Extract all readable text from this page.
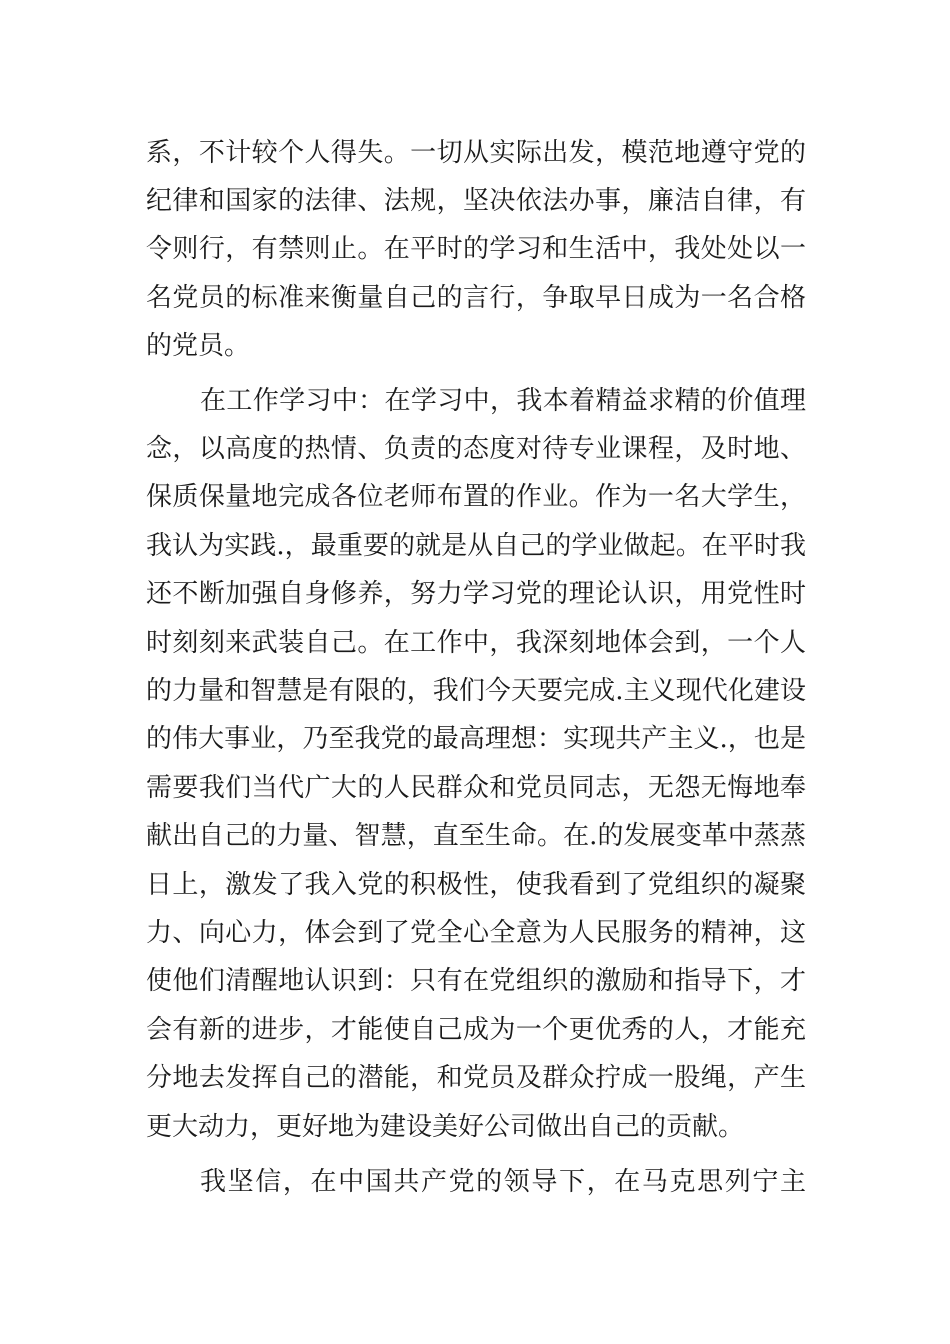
系，不计较个人得失。一切从实际出发，模范地遵守党的
纪律和国家的法律、法规，坚决依法办事，廉洁自律，有
令则行，有禁则止。在平时的学习和生活中，我处处以一
名党员的标准来衡量自己的言行，争取早日成为一名合格
的党员。
在工作学习中：在学习中，我本着精益求精的价值理
念，以高度的热情、负责的态度对待专业课程，及时地、
保质保量地完成各位老师布置的作业。作为一名大学生，
我认为实践.，最重要的就是从自己的学业做起。在平时我
还不断加强自身修养，努力学习党的理论认识，用党性时
时刻刻来武装自己。在工作中，我深刻地体会到，一个人
的力量和智慧是有限的，我们今天要完成.主义现代化建设
的伟大事业，乃至我党的最高理想：实现共产主义.，也是
需要我们当代广大的人民群众和党员同志，无怨无悔地奉
献出自己的力量、智慧，直至生命。在.的发展变革中蒸蒸
日上，激发了我入党的积极性，使我看到了党组织的凝聚
力、向心力，体会到了党全心全意为人民服务的精神，这
使他们清醒地认识到：只有在党组织的激励和指导下，才
会有新的进步，才能使自己成为一个更优秀的人，才能充
分地去发挥自己的潜能，和党员及群众拧成一股绳，产生
更大动力，更好地为建设美好公司做出自己的贡献。
我坚信，在中国共产党的领导下，在马克思列宁主
